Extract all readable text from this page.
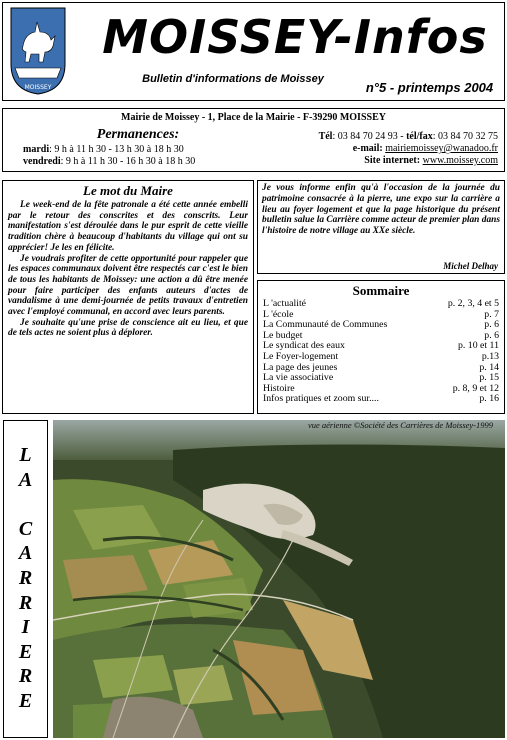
MOISSEY
MOISSEY-Infos
Bulletin d'informations de Moissey
n°5 - printemps 2004
Mairie de Moissey - 1, Place de la Mairie - F-39290 MOISSEY
Permanences:
mardi: 9 h à 11 h 30 - 13 h 30 à 18 h 30
vendredi: 9 h à 11 h 30 - 16 h 30 à 18 h 30
Tél: 03 84 70 24 93 - tél/fax: 03 84 70 32 75
e-mail: mairiemoissey@wanadoo.fr
Site internet: www.moissey.com
Le mot du Maire

Le week-end de la fête patronale a été cette année embelli par le retour des conscrites et des conscrits. Leur manifestation s'est déroulée dans le pur esprit de cette vieille tradition chère à beaucoup d'habitants du village qui ont su apprécier! Je les en félicite.

Je voudrais profiter de cette opportunité pour rappeler que les espaces communaux doivent être respectés car c'est le bien de tous les habitants de Moissey: une action a dû être menée pour faire participer des enfants auteurs d'actes de vandalisme à une demi-journée de petits travaux d'entretien avec l'employé communal, en accord avec leurs parents.

Je souhaite qu'une prise de conscience ait eu lieu, et que de tels actes ne soient plus à déplorer.

Je vous informe enfin qu'à l'occasion de la journée du patrimoine consacrée à la pierre, une expo sur la carrière a lieu au foyer logement et que la page historique du présent bulletin salue la Carrière comme acteur de premier plan dans l'histoire de notre village au XXe siècle.

Michel Delhay
Sommaire
L 'actualité	p. 2, 3, 4 et 5
L 'école	p. 7
La Communauté de Communes	p. 6
Le budget	p. 6
Le syndicat des eaux	p. 10 et 11
Le Foyer-logement	p.13
La page des jeunes	p. 14
La vie associative	p. 15
Histoire	p. 8, 9 et 12
Infos pratiques et zoom sur....	p. 16
L
A

C
A
R
R
I
E
R
E
vue aérienne ©Société des Carrières de Moissey-1999
